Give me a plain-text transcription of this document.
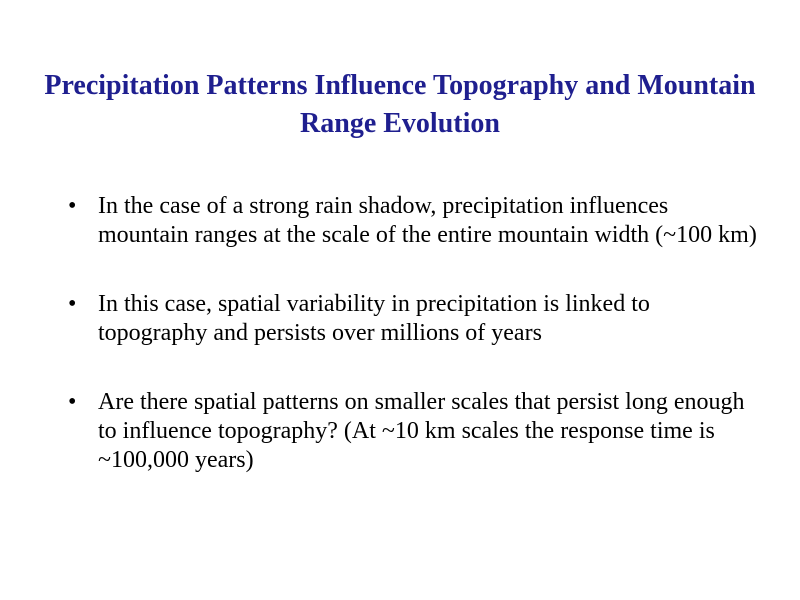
Precipitation Patterns Influence Topography and Mountain Range Evolution
• In the case of a strong rain shadow, precipitation influences mountain ranges at the scale of the entire mountain width (~100 km)
• In this case, spatial variability in precipitation is linked to topography and persists over millions of years
• Are there spatial patterns on smaller scales that persist long enough to influence topography? (At ~10 km scales the response time is ~100,000 years)
